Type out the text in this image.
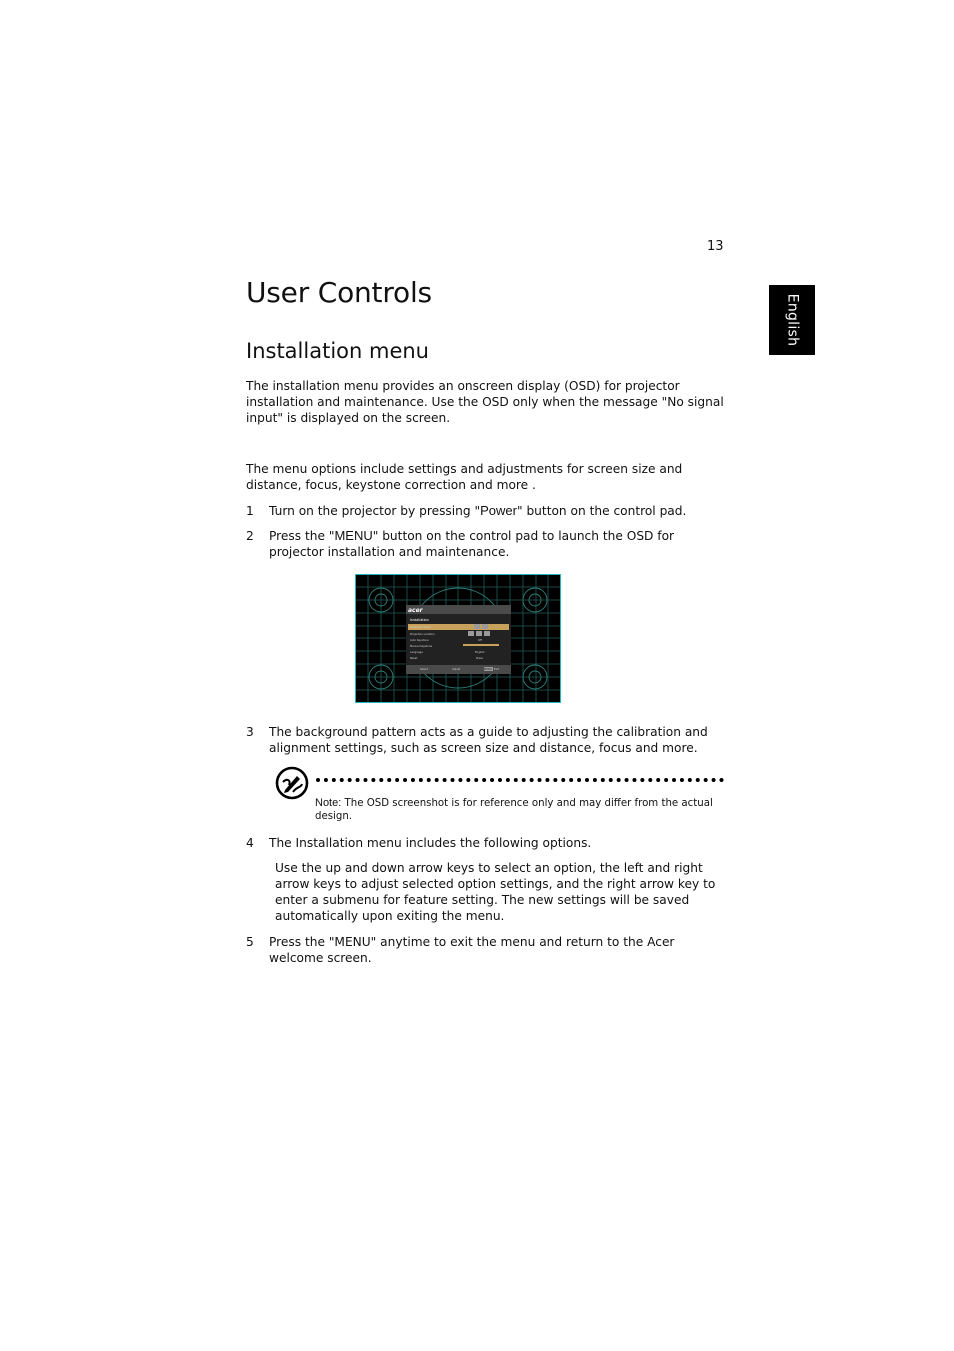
13
English
User Controls
Installation menu

The installation menu provides an onscreen display (OSD) for projector installation and maintenance. Use the OSD only when the message "No signal input" is displayed on the screen.

The menu options include settings and adjustments for screen size and distance, focus, keystone correction and more .

1 Turn on the projector by pressing "Power" button on the control pad.
2 Press the "MENU" button on the control pad to launch the OSD for projector installation and maintenance.
acer
Installation
Projection Mode
Projection Location
Auto Keystone
Manual Keystone
Language
Reset
Off
English
Press
Select	Adjust	MENU Exit
3 The background pattern acts as a guide to adjusting the calibration and alignment settings, such as screen size and distance, focus and more.
Note: The OSD screenshot is for reference only and may differ from the actual design.
4 The Installation menu includes the following options.

Use the up and down arrow keys to select an option, the left and right arrow keys to adjust selected option settings, and the right arrow key to enter a submenu for feature setting. The new settings will be saved automatically upon exiting the menu.

5 Press the "MENU" anytime to exit the menu and return to the Acer welcome screen.
